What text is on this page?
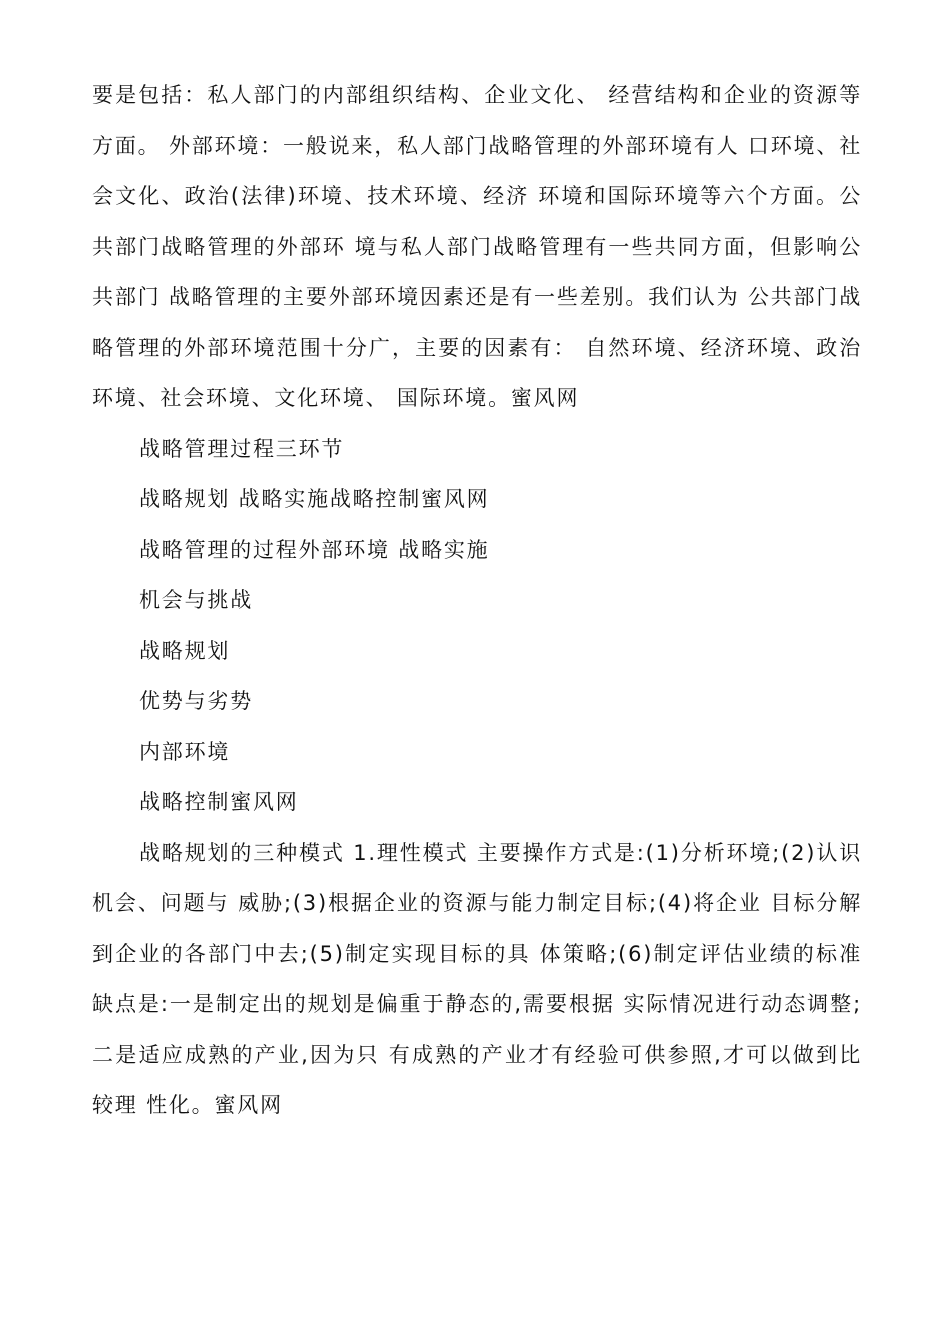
要是包括：私人部门的内部组织结构、企业文化、 经营结构和企业的资源等方面。 外部环境：一般说来，私人部门战略管理的外部环境有人 口环境、社会文化、政治(法律)环境、技术环境、经济 环境和国际环境等六个方面。公共部门战略管理的外部环 境与私人部门战略管理有一些共同方面，但影响公共部门 战略管理的主要外部环境因素还是有一些差别。我们认为 公共部门战略管理的外部环境范围十分广，主要的因素有： 自然环境、经济环境、政治环境、社会环境、文化环境、 国际环境。蜜风网

战略管理过程三环节

战略规划 战略实施战略控制蜜风网

战略管理的过程外部环境 战略实施

机会与挑战

战略规划

优势与劣势

内部环境

战略控制蜜风网

战略规划的三种模式 1.理性模式 主要操作方式是:(1)分析环境;(2)认识机会、问题与 威胁;(3)根据企业的资源与能力制定目标;(4)将企业 目标分解到企业的各部门中去;(5)制定实现目标的具 体策略;(6)制定评估业绩的标准 缺点是:一是制定出的规划是偏重于静态的,需要根据 实际情况进行动态调整;二是适应成熟的产业,因为只 有成熟的产业才有经验可供参照,才可以做到比较理 性化。蜜风网
